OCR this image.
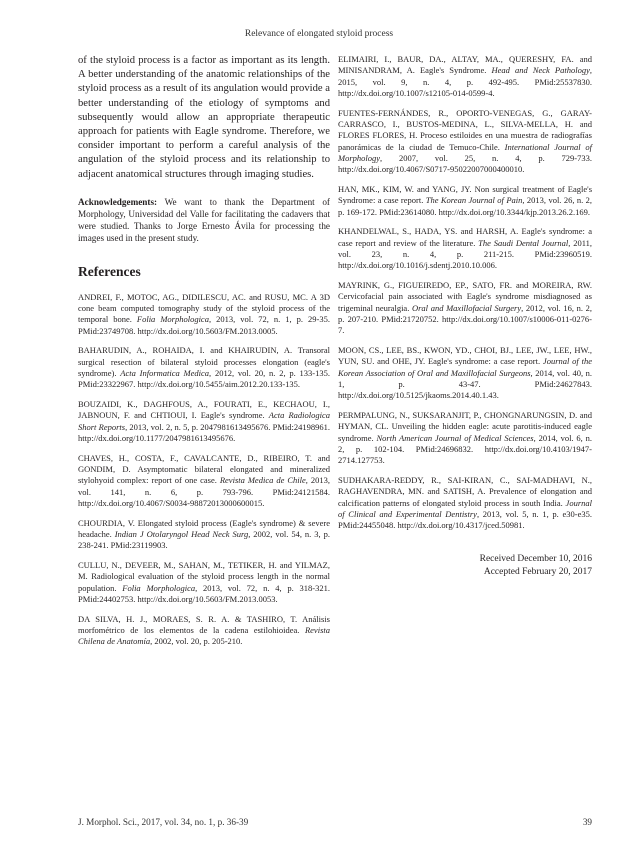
Relevance of elongated styloid process

of the styloid process is a factor as important as its length. A better understanding of the anatomic relationships of the styloid process as a result of its angulation would provide a better understanding of the etiology of symptoms and subsequently would allow an appropriate therapeutic approach for patients with Eagle syndrome. Therefore, we consider important to perform a careful analysis of the angulation of the styloid process and its relationship to adjacent anatomical structures through imaging studies.

Acknowledgements: We want to thank the Department of Morphology, Universidad del Valle for facilitating the cadavers that were studied. Thanks to Jorge Ernesto Ávila for processing the images used in the present study.

References

ANDREI, F., MOTOC, AG., DIDILESCU, AC. and RUSU, MC. A 3D cone beam computed tomography study of the styloid process of the temporal bone. Folia Morphologica, 2013, vol. 72, n. 1, p. 29-35. PMid:23749708. http://dx.doi.org/10.5603/FM.2013.0005.

BAHARUDIN, A., ROHAIDA, I. and KHAIRUDIN, A. Transoral surgical resection of bilateral styloid processes elongation (eagle's syndrome). Acta Informatica Medica, 2012, vol. 20, n. 2, p. 133-135. PMid:23322967. http://dx.doi.org/10.5455/aim.2012.20.133-135.

BOUZAIDI, K., DAGHFOUS, A., FOURATI, E., KECHAOU, I., JABNOUN, F. and CHTIOUI, I. Eagle's syndrome. Acta Radiologica Short Reports, 2013, vol. 2, n. 5, p. 2047981613495676. PMid:24198961. http://dx.doi.org/10.1177/2047981613495676.

CHAVES, H., COSTA, F., CAVALCANTE, D., RIBEIRO, T. and GONDIM, D. Asymptomatic bilateral elongated and mineralized stylohyoid complex: report of one case. Revista Medica de Chile, 2013, vol. 141, n. 6, p. 793-796. PMid:24121584. http://dx.doi.org/10.4067/S0034-98872013000600015.

CHOURDIA, V. Elongated styloid process (Eagle's syndrome) & severe headache. Indian J Otolaryngol Head Neck Surg, 2002, vol. 54, n. 3, p. 238-241. PMid:23119903.

CULLU, N., DEVEER, M., SAHAN, M., TETIKER, H. and YILMAZ, M. Radiological evaluation of the styloid process length in the normal population. Folia Morphologica, 2013, vol. 72, n. 4, p. 318-321. PMid:24402753. http://dx.doi.org/10.5603/FM.2013.0053.

DA SILVA, H. J., MORAES, S. R. A. & TASHIRO, T. Análisis morfométrico de los elementos de la cadena estilohioidea. Revista Chilena de Anatomía, 2002, vol. 20, p. 205-210.

ELIMAIRI, I., BAUR, DA., ALTAY, MA., QUERESHY, FA. and MINISANDRAM, A. Eagle's Syndrome. Head and Neck Pathology, 2015, vol. 9, n. 4, p. 492-495. PMid:25537830. http://dx.doi.org/10.1007/s12105-014-0599-4.

FUENTES-FERNÁNDES, R., OPORTO-VENEGAS, G., GARAY-CARRASCO, I., BUSTOS-MEDINA, L., SILVA-MELLA, H. and FLORES FLORES, H. Proceso estiloides en una muestra de radiografías panorámicas de la ciudad de Temuco-Chile. International Journal of Morphology, 2007, vol. 25, n. 4, p. 729-733. http://dx.doi.org/10.4067/S0717-95022007000400010.

HAN, MK., KIM, W. and YANG, JY. Non surgical treatment of Eagle's Syndrome: a case report. The Korean Journal of Pain, 2013, vol. 26, n. 2, p. 169-172. PMid:23614080. http://dx.doi.org/10.3344/kjp.2013.26.2.169.

KHANDELWAL, S., HADA, YS. and HARSH, A. Eagle's syndrome: a case report and review of the literature. The Saudi Dental Journal, 2011, vol. 23, n. 4, p. 211-215. PMid:23960519. http://dx.doi.org/10.1016/j.sdentj.2010.10.006.

MAYRINK, G., FIGUEIREDO, EP., SATO, FR. and MOREIRA, RW. Cervicofacial pain associated with Eagle's syndrome misdiagnosed as trigeminal neuralgia. Oral and Maxillofacial Surgery, 2012, vol. 16, n. 2, p. 207-210. PMid:21720752. http://dx.doi.org/10.1007/s10006-011-0276-7.

MOON, CS., LEE, BS., KWON, YD., CHOI, BJ., LEE, JW., LEE, HW., YUN, SU. and OHE, JY. Eagle's syndrome: a case report. Journal of the Korean Association of Oral and Maxillofacial Surgeons, 2014, vol. 40, n. 1, p. 43-47. PMid:24627843. http://dx.doi.org/10.5125/jkaoms.2014.40.1.43.

PERMPALUNG, N., SUKSARANJIT, P., CHONGNARUNGSIN, D. and HYMAN, CL. Unveiling the hidden eagle: acute parotitis-induced eagle syndrome. North American Journal of Medical Sciences, 2014, vol. 6, n. 2, p. 102-104. PMid:24696832. http://dx.doi.org/10.4103/1947-2714.127753.

SUDHAKARA-REDDY, R., SAI-KIRAN, C., SAI-MADHAVI, N., RAGHAVENDRA, MN. and SATISH, A. Prevalence of elongation and calcification patterns of elongated styloid process in south India. Journal of Clinical and Experimental Dentistry, 2013, vol. 5, n. 1, p. e30-e35. PMid:24455048. http://dx.doi.org/10.4317/jced.50981.

Received December 10, 2016
Accepted February 20, 2017
J. Morphol. Sci., 2017, vol. 34, no. 1, p. 36-39	39
